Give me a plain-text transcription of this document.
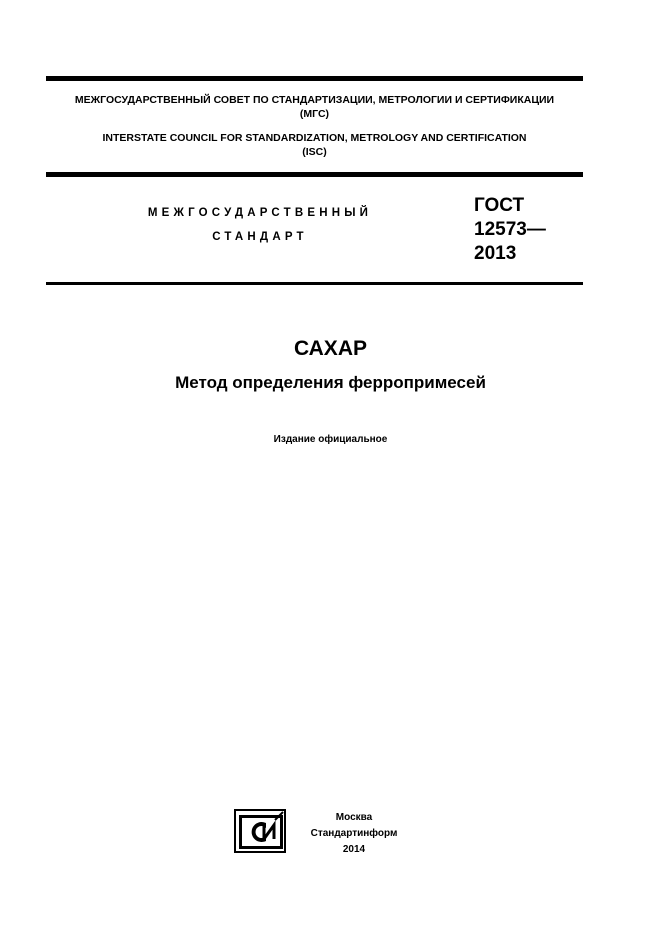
МЕЖГОСУДАРСТВЕННЫЙ СОВЕТ ПО СТАНДАРТИЗАЦИИ, МЕТРОЛОГИИ И СЕРТИФИКАЦИИ
(МГС)
INTERSTATE COUNCIL FOR STANDARDIZATION, METROLOGY AND CERTIFICATION
(ISC)
МЕЖГОСУДАРСТВЕННЫЙ
СТАНДАРТ
ГОСТ
12573—
2013
САХАР
Метод определения ферропримесей
Издание официальное
Москва
Стандартинформ
2014
